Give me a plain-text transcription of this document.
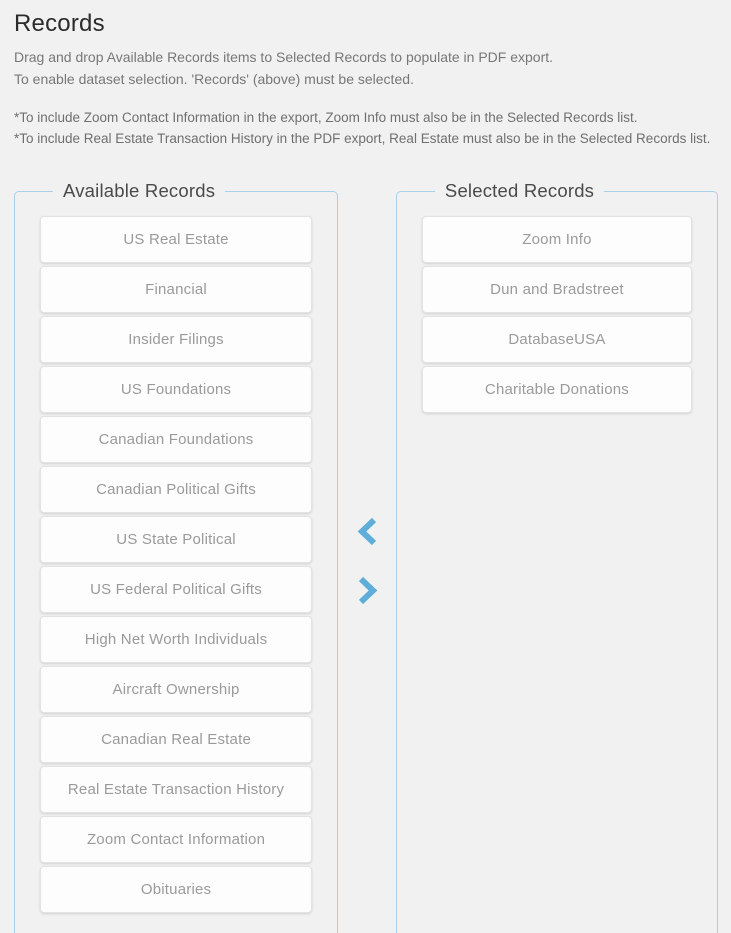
Records

Drag and drop Available Records items to Selected Records to populate in PDF export.

To enable dataset selection. 'Records' (above) must be selected.

*To include Zoom Contact Information in the export, Zoom Info must also be in the Selected Records list.

*To include Real Estate Transaction History in the PDF export, Real Estate must also be in the Selected Records list.

Available Records
US Real Estate
Financial
Insider Filings
US Foundations
Canadian Foundations
Canadian Political Gifts
US State Political
US Federal Political Gifts
High Net Worth Individuals
Aircraft Ownership
Canadian Real Estate
Real Estate Transaction History
Zoom Contact Information
Obituaries
Selected Records
Zoom Info
Dun and Bradstreet
DatabaseUSA
Charitable Donations
